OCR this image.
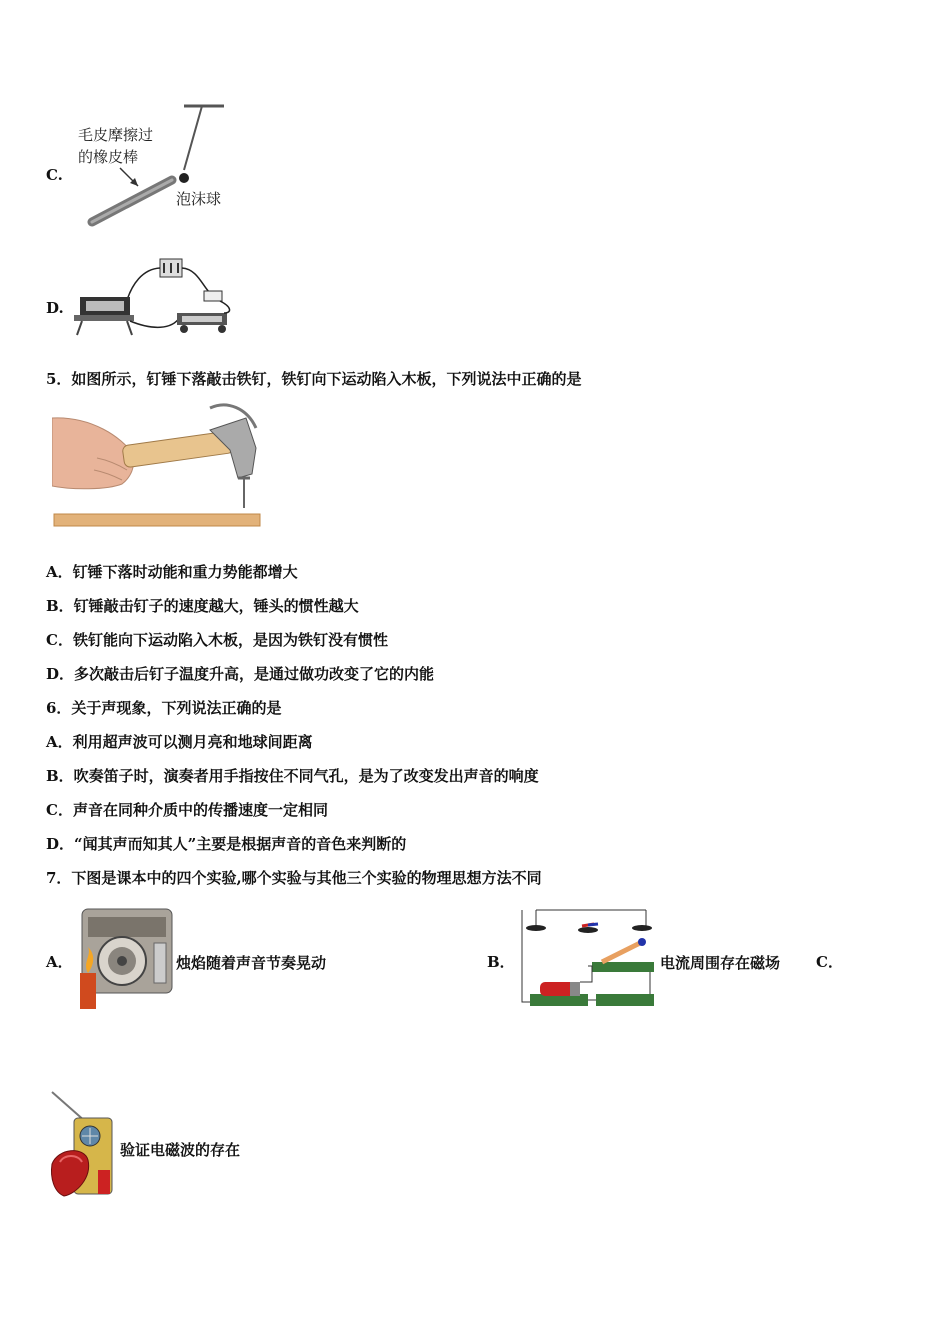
C.
毛皮摩擦过
的橡皮棒
泡沫球
D.
5．如图所示，钉锤下落敲击铁钉，铁钉向下运动陷入木板，下列说法中正确的是
A．钉锤下落时动能和重力势能都增大
B．钉锤敲击钉子的速度越大，锤头的惯性越大
C．铁钉能向下运动陷入木板，是因为铁钉没有惯性
D．多次敲击后钉子温度升高，是通过做功改变了它的内能
6．关于声现象，下列说法正确的是
A．利用超声波可以测月亮和地球间距离
B．吹奏笛子时，演奏者用手指按住不同气孔，是为了改变发出声音的响度
C．声音在同种介质中的传播速度一定相同
D．“闻其声而知其人”主要是根据声音的音色来判断的
7．下图是课本中的四个实验,哪个实验与其他三个实验的物理思想方法不同
A．	烛焰随着声音节奏晃动	B．	电流周围存在磁场 C．
验证电磁波的存在
